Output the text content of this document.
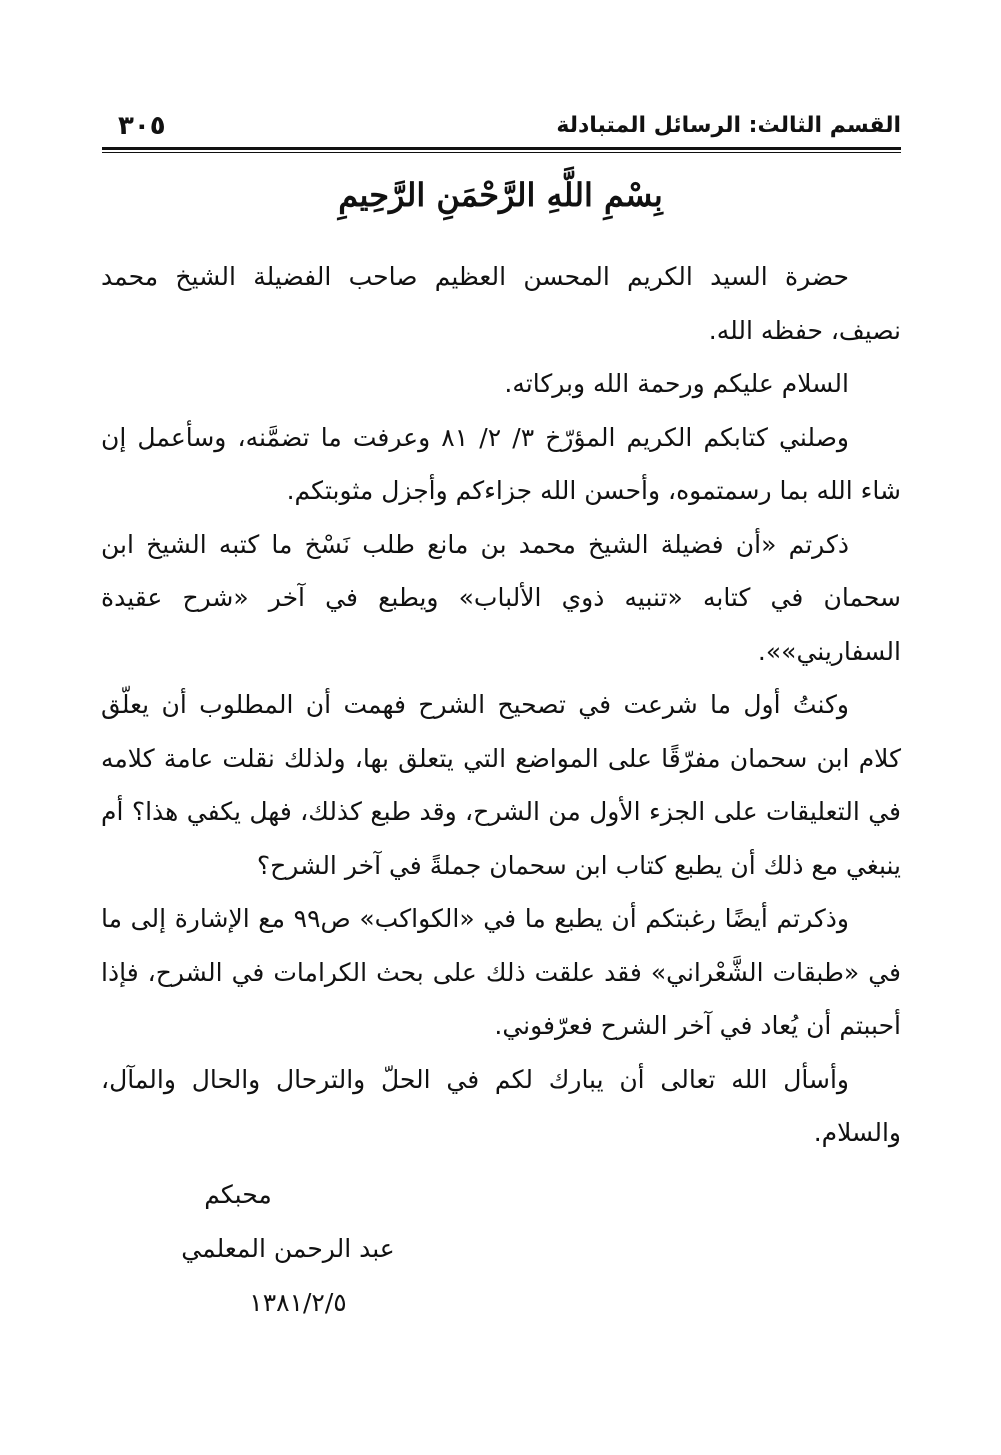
القسم الثالث: الرسائل المتبادلة
٣٠٥
بِسْمِ اللَّهِ الرَّحْمَنِ الرَّحِيمِ

حضرة السيد الكريم المحسن العظيم صاحب الفضيلة الشيخ محمد نصيف، حفظه الله.

السلام عليكم ورحمة الله وبركاته.

وصلني كتابكم الكريم المؤرّخ ٣/ ٢/ ٨١ وعرفت ما تضمَّنه، وسأعمل إن شاء الله بما رسمتموه، وأحسن الله جزاءكم وأجزل مثوبتكم.

ذكرتم «أن فضيلة الشيخ محمد بن مانع طلب نَسْخ ما كتبه الشيخ ابن سحمان في كتابه «تنبيه ذوي الألباب» ويطبع في آخر «شرح عقيدة السفاريني»».

وكنتُ أول ما شرعت في تصحيح الشرح فهمت أن المطلوب أن يعلّق كلام ابن سحمان مفرّقًا على المواضع التي يتعلق بها، ولذلك نقلت عامة كلامه في التعليقات على الجزء الأول من الشرح، وقد طبع كذلك، فهل يكفي هذا؟ أم ينبغي مع ذلك أن يطبع كتاب ابن سحمان جملةً في آخر الشرح؟

وذكرتم أيضًا رغبتكم أن يطبع ما في «الكواكب» ص٩٩ مع الإشارة إلى ما في «طبقات الشَّعْراني» فقد علقت ذلك على بحث الكرامات في الشرح، فإذا أحببتم أن يُعاد في آخر الشرح فعرّفوني.

وأسأل الله تعالى أن يبارك لكم في الحلّ والترحال والحال والمآل، والسلام.

محبكم
عبد الرحمن المعلمي
١٣٨١/٢/٥
